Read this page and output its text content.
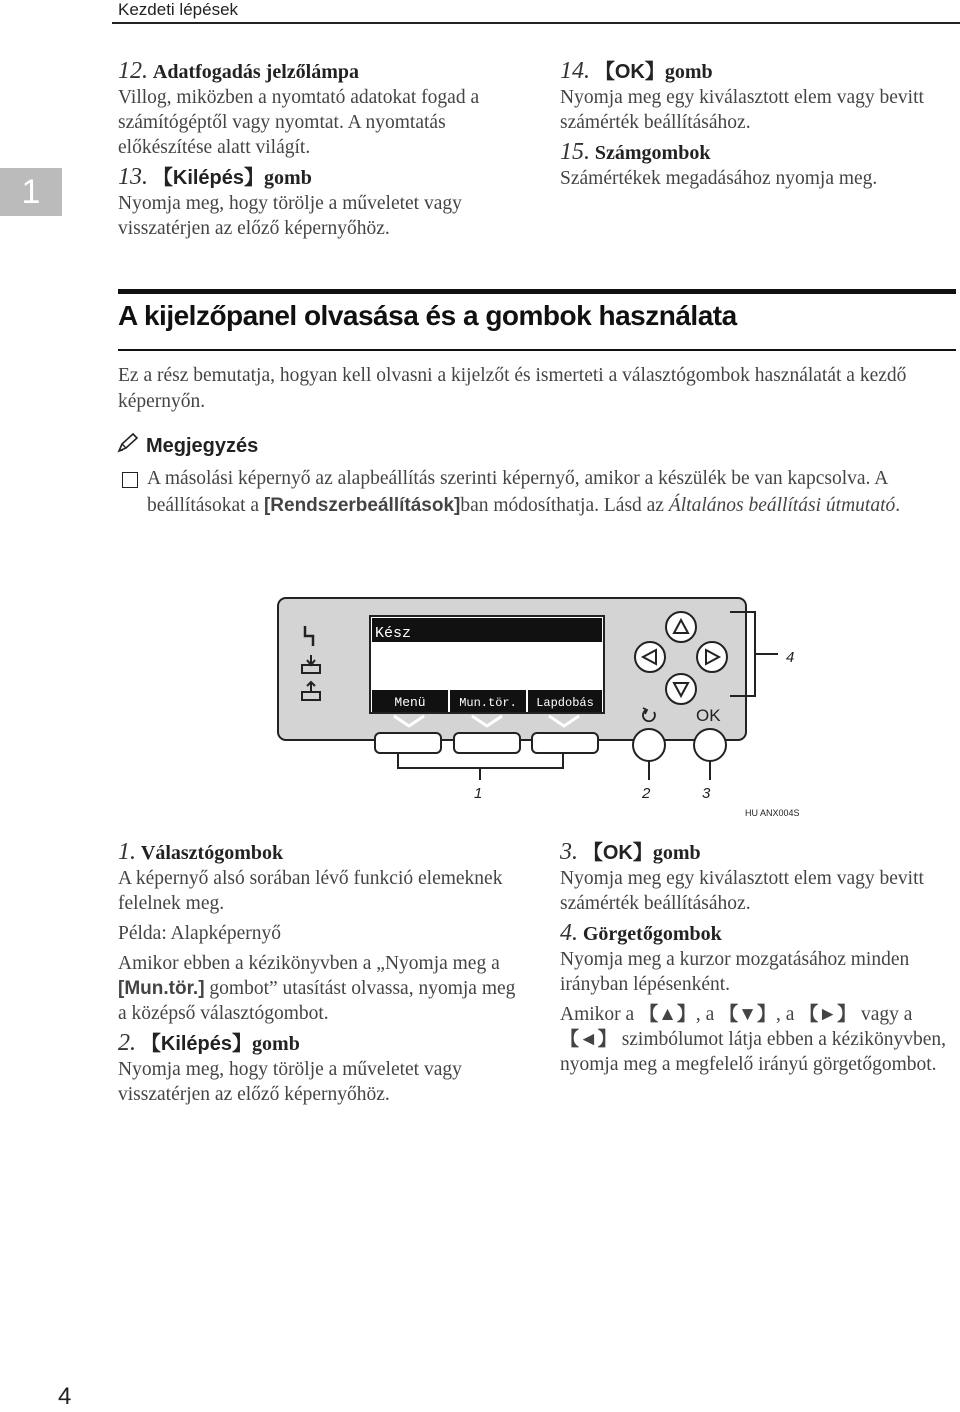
Kezdeti lépések
1
12. Adatfogadás jelzőlámpa

Villog, miközben a nyomtató adatokat fogad a számítógéptől vagy nyomtat. A nyomtatás előkészítése alatt világít.

13. 【Kilépés】gomb

Nyomja meg, hogy törölje a műveletet vagy visszatérjen az előző képernyőhöz.

14. 【OK】gomb

Nyomja meg egy kiválasztott elem vagy bevitt számérték beállításához.

15. Számgombok

Számértékek megadásához nyomja meg.

A kijelzőpanel olvasása és a gombok használata

Ez a rész bemutatja, hogyan kell olvasni a kijelzőt és ismerteti a választógombok használatát a kezdő képernyőn.

Megjegyzés

A másolási képernyő az alapbeállítás szerinti képernyő, amikor a készülék be van kapcsolva. A beállításokat a [Rendszerbeállítások]ban módosíthatja. Lásd az Általános beállítási útmutató.

Kész
Menü	Mun.tör. Lapdobás
OK
4
1	2	3
HU ANX004S
1. Választógombok

A képernyő alsó sorában lévő funkció elemeknek felelnek meg.

Példa: Alapképernyő

Amikor ebben a kézikönyvben a „Nyomja meg a [Mun.tör.] gombot” utasítást olvassa, nyomja meg a középső választógombot.

2. 【Kilépés】gomb

Nyomja meg, hogy törölje a műveletet vagy visszatérjen az előző képernyőhöz.

3. 【OK】gomb

Nyomja meg egy kiválasztott elem vagy bevitt számérték beállításához.

4. Görgetőgombok

Nyomja meg a kurzor mozgatásához minden irányban lépésenként.

Amikor a 【▲】, a 【▼】, a 【►】 vagy a 【◄】 szimbólumot látja ebben a kézikönyvben, nyomja meg a megfelelő irányú görgetőgombot.

4
